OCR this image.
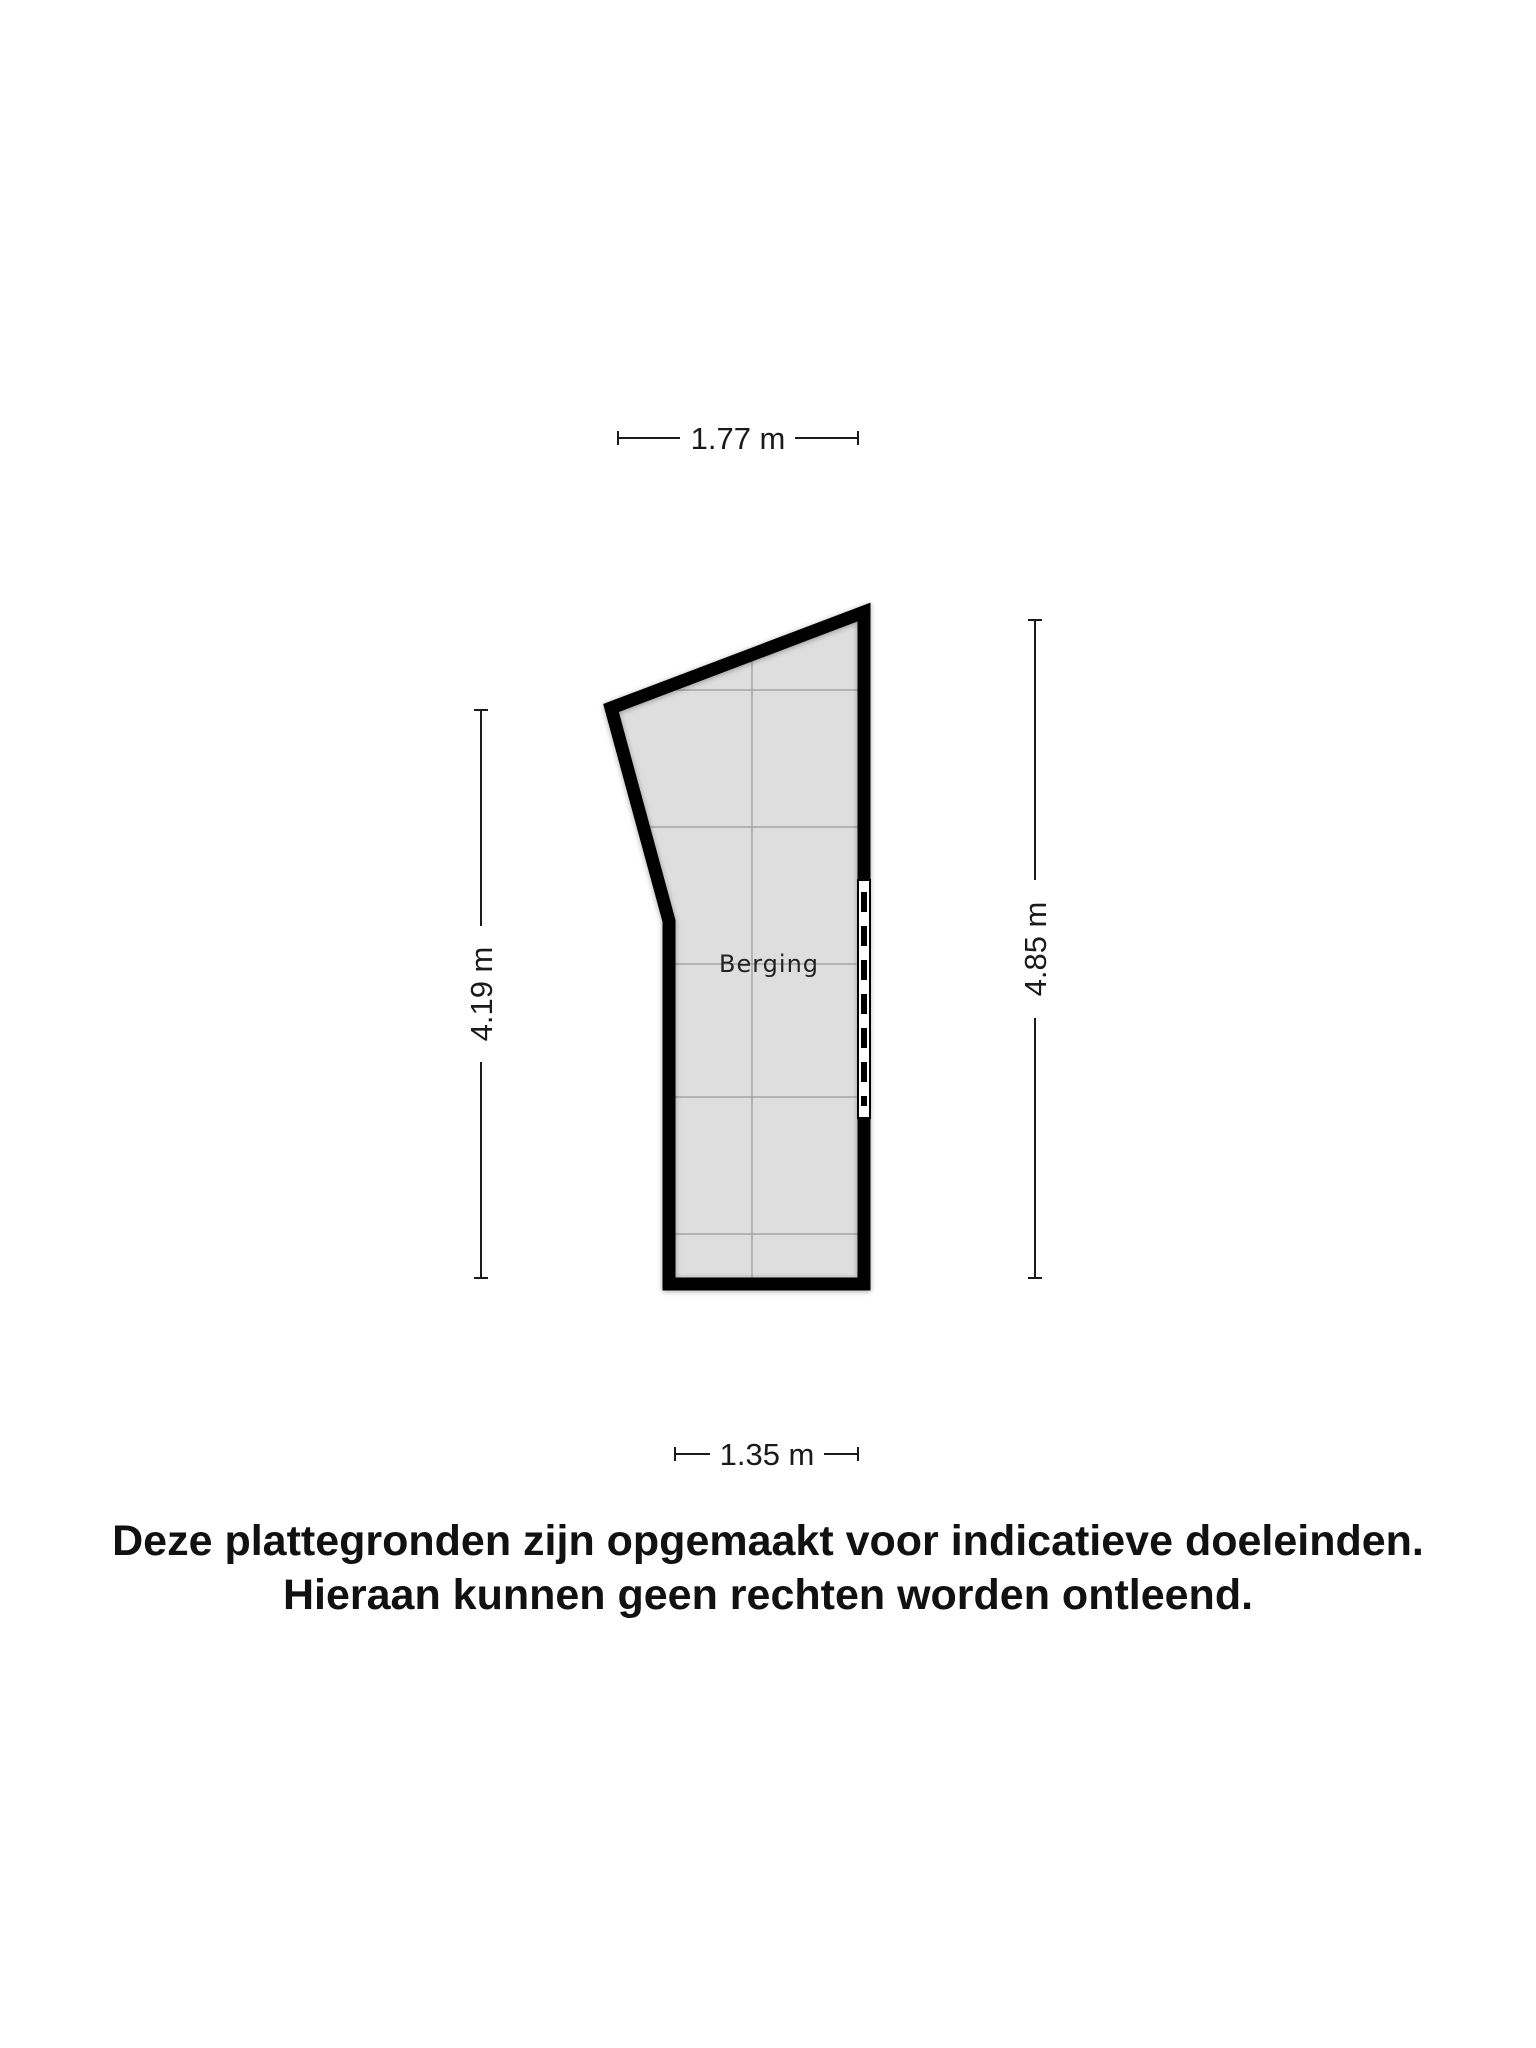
1.77 m
1.35 m
4.19 m	4.85 m
Berging
Deze plattegronden zijn opgemaakt voor indicatieve doeleinden.
Hieraan kunnen geen rechten worden ontleend.
